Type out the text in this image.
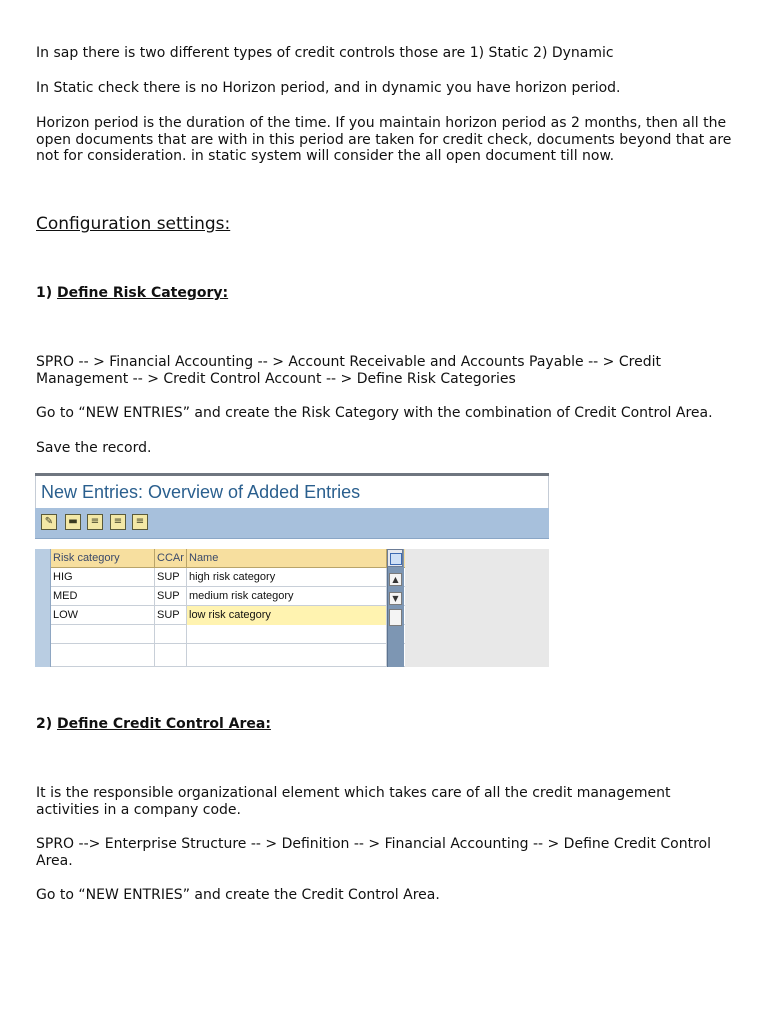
In sap there is two different types of credit controls those are 1) Static 2) Dynamic

In Static check there is no Horizon period, and in dynamic you have horizon period.

Horizon period is the duration of the time. If you maintain horizon period as 2 months, then all the open documents that are with in this period are taken for credit check, documents beyond that are not for consideration. in static system will consider the all open document till now.

Configuration settings:
1) Define Risk Category:

SPRO -- > Financial Accounting -- > Account Receivable and Accounts Payable -- > Credit Management -- > Credit Control Account -- > Define Risk Categories

Go to “NEW ENTRIES” and create the Risk Category with the combination of Credit Control Area.

Save the record.

New Entries: Overview of Added Entries
✎	▬	≡	≡	≡
Risk category	CCAr Name
HIG	SUP high risk category
MED	SUP medium risk category
LOW	SUP low risk category
▲
▼
2) Define Credit Control Area:

It is the responsible organizational element which takes care of all the credit management activities in a company code.

SPRO --> Enterprise Structure -- > Definition -- > Financial Accounting -- > Define Credit Control Area.

Go to “NEW ENTRIES” and create the Credit Control Area.
